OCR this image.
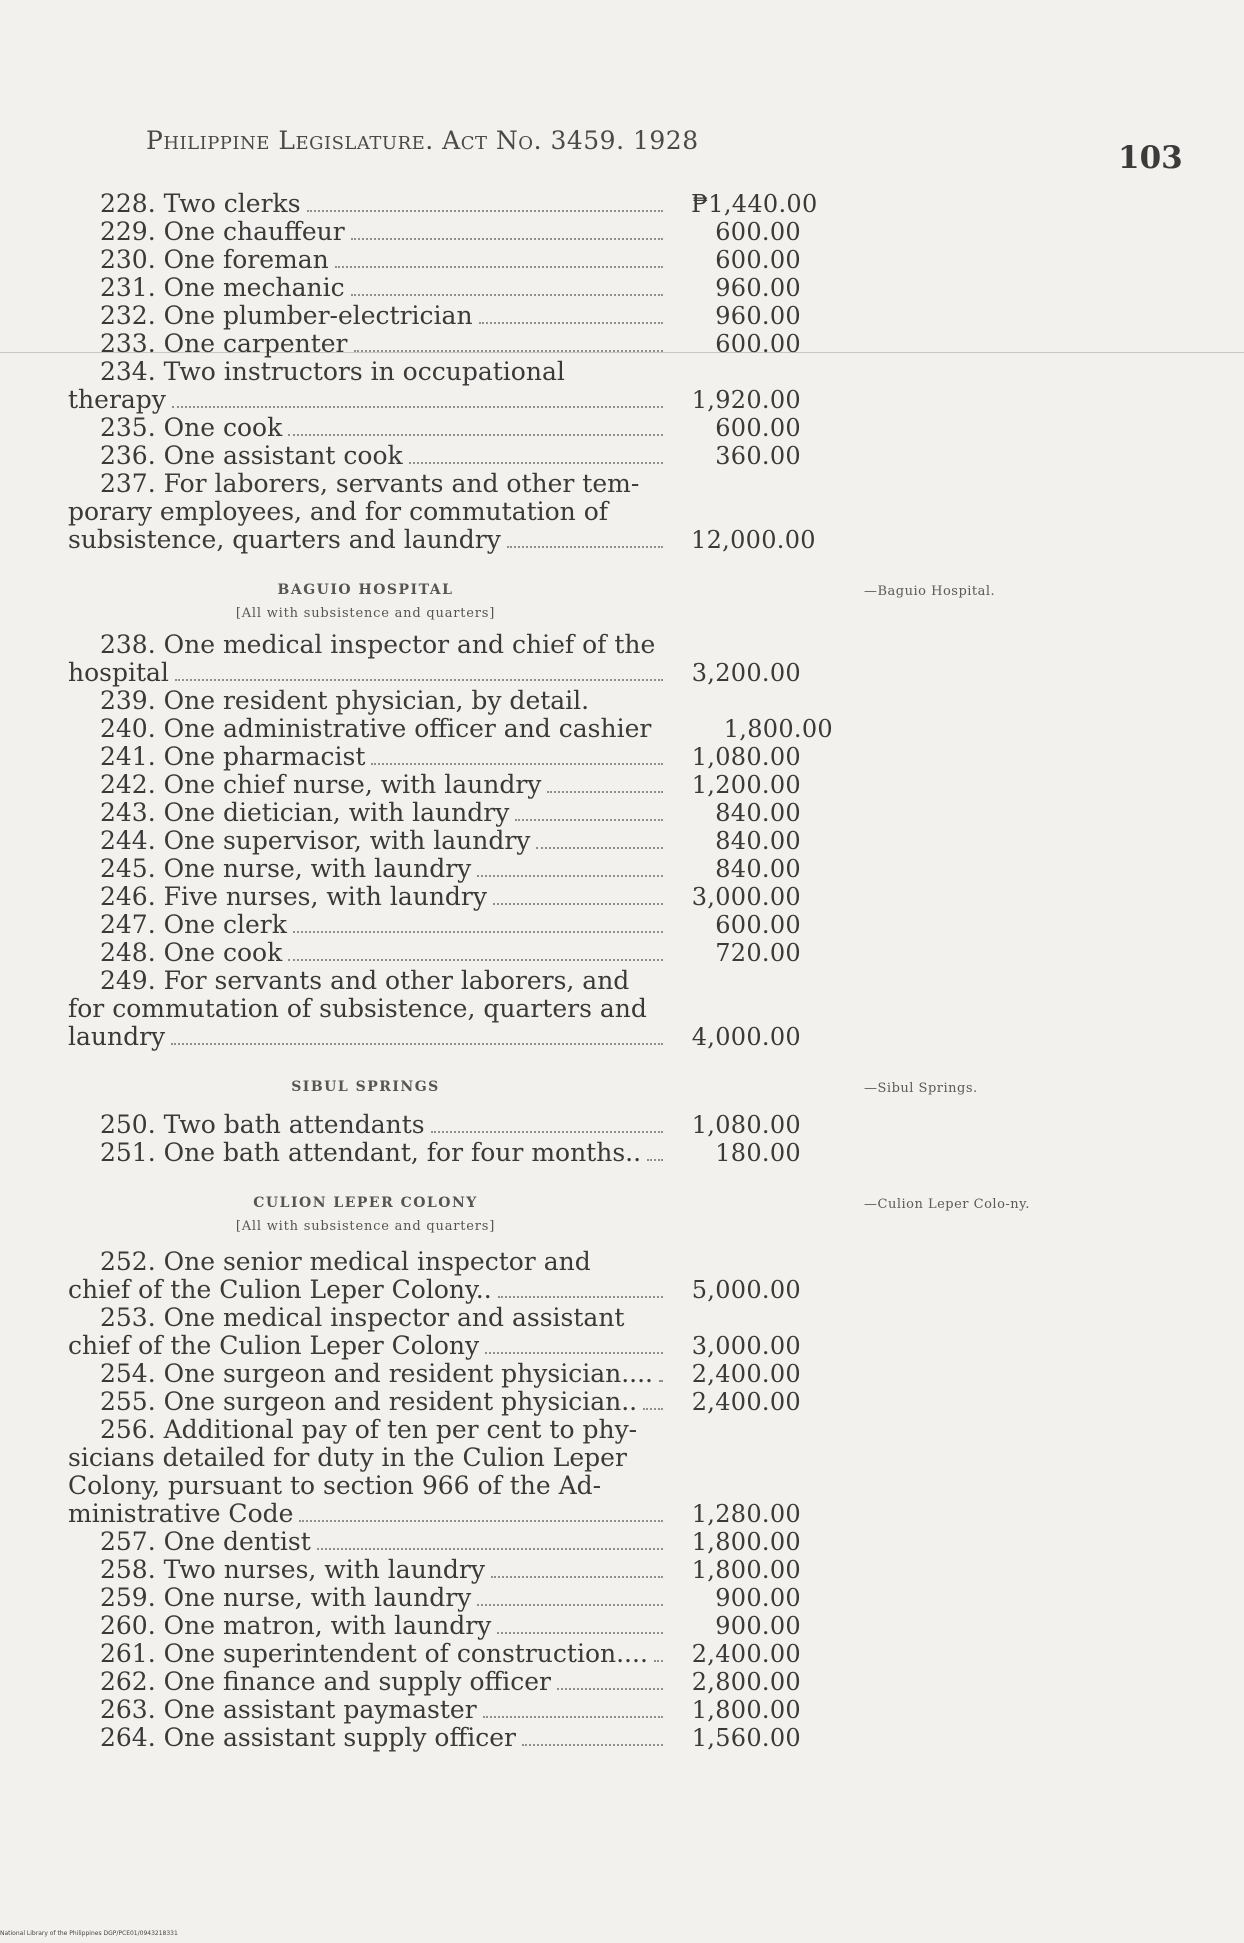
Philippine Legislature. Act No. 3459. 1928	103
228. Two clerks	₱1,440.00
229. One chauffeur	600.00
230. One foreman	600.00
231. One mechanic	960.00
232. One plumber-electrician	960.00
233. One carpenter	600.00
234. Two instructors in occupational
therapy	1,920.00
235. One cook	600.00
236. One assistant cook	360.00
237. For laborers, servants and other tem-
porary employees, and for commutation of
subsistence, quarters and laundry	12,000.00
BAGUIO HOSPITAL	—Baguio Hospital.
[All with subsistence and quarters]
238. One medical inspector and chief of the
hospital	3,200.00
239. One resident physician, by detail.
240. One administrative officer and cashier	1,800.00
241. One pharmacist	1,080.00
242. One chief nurse, with laundry	1,200.00
243. One dietician, with laundry	840.00
244. One supervisor, with laundry	840.00
245. One nurse, with laundry	840.00
246. Five nurses, with laundry	3,000.00
247. One clerk	600.00
248. One cook	720.00
249. For servants and other laborers, and
for commutation of subsistence, quarters and
laundry	4,000.00
SIBUL SPRINGS	—Sibul Springs.
250. Two bath attendants	1,080.00
251. One bath attendant, for four months..	180.00
CULION LEPER COLONY	—Culion Leper Colo-ny.
[All with subsistence and quarters]
252. One senior medical inspector and
chief of the Culion Leper Colony..	5,000.00
253. One medical inspector and assistant
chief of the Culion Leper Colony	3,000.00
254. One surgeon and resident physician.... 2,400.00
255. One surgeon and resident physician.. 2,400.00
256. Additional pay of ten per cent to phy-
sicians detailed for duty in the Culion Leper
Colony, pursuant to section 966 of the Ad-
ministrative Code	1,280.00
257. One dentist	1,800.00
258. Two nurses, with laundry	1,800.00
259. One nurse, with laundry	900.00
260. One matron, with laundry	900.00
261. One superintendent of construction.... 2,400.00
262. One finance and supply officer	2,800.00
263. One assistant paymaster	1,800.00
264. One assistant supply officer	1,560.00
National Library of the Philippines DGP/PCE01/0943218331
